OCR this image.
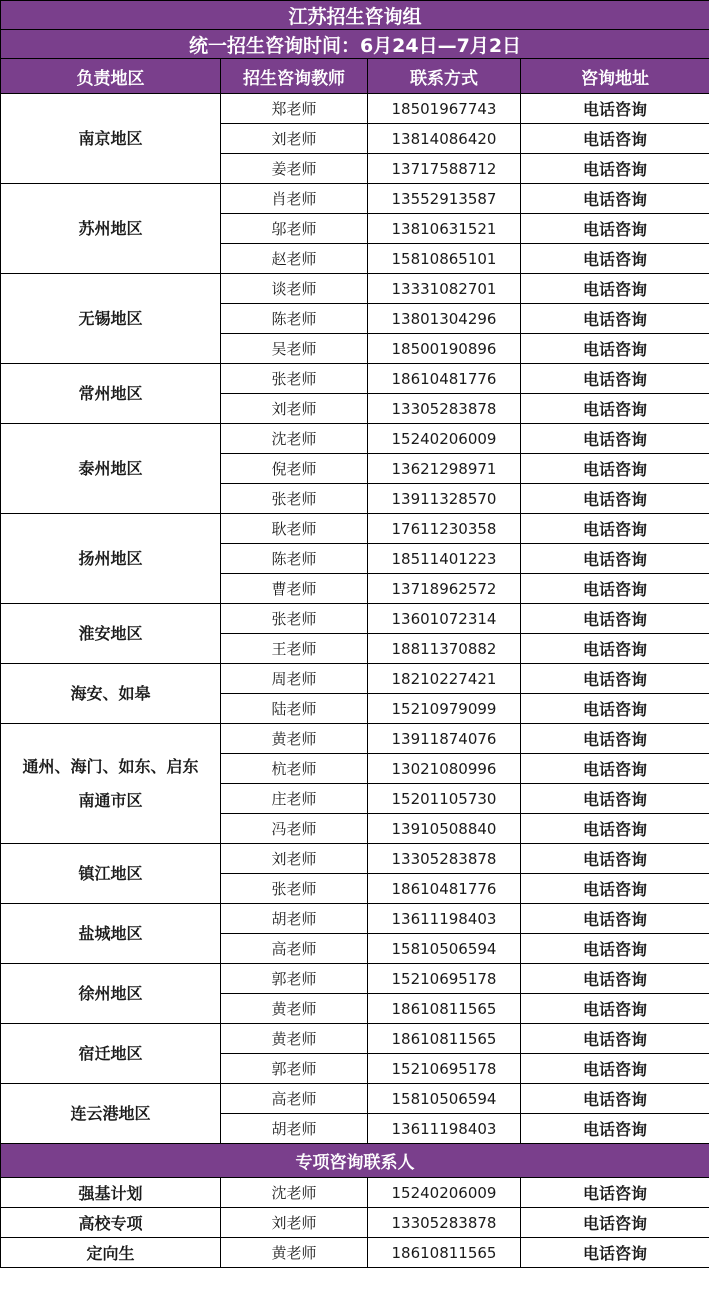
江苏招生咨询组			
统一招生咨询时间：6月24日—7月2日			
负责地区	招生咨询教师	联系方式	咨询地址

南京地区	郑老师	18501967743	电话咨询
	刘老师	13814086420	电话咨询
	姜老师	13717588712	电话咨询

苏州地区	肖老师	13552913587	电话咨询
	邬老师	13810631521	电话咨询
	赵老师	15810865101	电话咨询

无锡地区	谈老师	13331082701	电话咨询
	陈老师	13801304296	电话咨询
	吴老师	18500190896	电话咨询

常州地区	张老师	18610481776	电话咨询
	刘老师	13305283878	电话咨询

泰州地区	沈老师	15240206009	电话咨询
	倪老师	13621298971	电话咨询
	张老师	13911328570	电话咨询

扬州地区	耿老师	17611230358	电话咨询
	陈老师	18511401223	电话咨询
	曹老师	13718962572	电话咨询

淮安地区	张老师	13601072314	电话咨询
	王老师	18811370882	电话咨询

海安、如皋	周老师	18210227421	电话咨询
	陆老师	15210979099	电话咨询

通州、海门、如东、启东
南通市区	黄老师	13911874076	电话咨询
	杭老师	13021080996	电话咨询
	庄老师	15201105730	电话咨询
	冯老师	13910508840	电话咨询

镇江地区	刘老师	13305283878	电话咨询
	张老师	18610481776	电话咨询

盐城地区	胡老师	13611198403	电话咨询
	高老师	15810506594	电话咨询

徐州地区	郭老师	15210695178	电话咨询
	黄老师	18610811565	电话咨询

宿迁地区	黄老师	18610811565	电话咨询
	郭老师	15210695178	电话咨询

连云港地区	高老师	15810506594	电话咨询
	胡老师	13611198403	电话咨询
专项咨询联系人			
强基计划	沈老师	15240206009	电话咨询
高校专项	刘老师	13305283878	电话咨询
定向生	黄老师	18610811565	电话咨询
